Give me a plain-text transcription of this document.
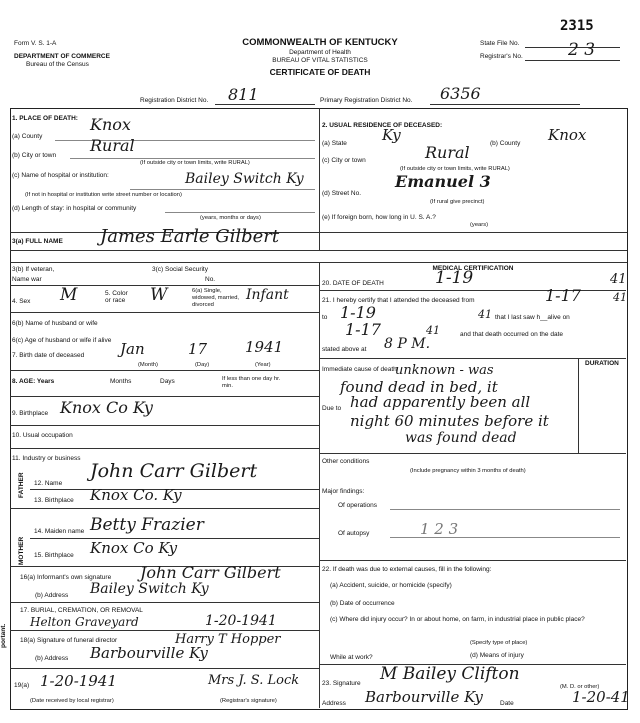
Form V. S. 1-A
DEPARTMENT OF COMMERCE
Bureau of the Census
COMMONWEALTH OF KENTUCKY
Department of Health
BUREAU OF VITAL STATISTICS
CERTIFICATE OF DEATH
2315
State File No.
Registrar's No.	2 3
Registration District No. 811	Primary Registration District No. 6356
1. PLACE OF DEATH:
(a) County
Knox
(b) City or town
Rural
(If outside city or town limits, write RURAL)
(c) Name of hospital or institution:	Bailey Switch Ky
(If not in hospital or institution write street number or location)
(d) Length of stay: in hospital or community
(years, months or days)
2. USUAL RESIDENCE OF DECEASED:
(a) State Ky	(b) County Knox
(c) City or town	Rural
(If outside city or town limits, write RURAL)
(d) Street No.
Emanuel 3
(If rural give precinct)
(e) If foreign born, how long in U. S. A.?
(years)
3(a) FULL NAME James Earle Gilbert
3(b) If veteran,
Name war
3(c) Social Security
No.
4. Sex M	5. Color or race	W	6(a) Single, widowed, married, divorced
Infant
6(b) Name of husband or wife
6(c) Age of husband or wife if alive
7. Birth date of deceased Jan	17	1941
(Month)	(Day)	(Year)
8. AGE: Years	Months	Days	If less than one day hr. min.
9. Birthplace Knox Co Ky
10. Usual occupation
11. Industry or business
FATHER 12. Name
John Carr Gilbert
13. Birthplace Knox Co. Ky
MOTHER
14. Maiden name Betty Frazier
15. Birthplace Knox Co Ky
16(a) Informant's own signature John Carr Gilbert
(b) Address Bailey Switch Ky
17. BURIAL, CREMATION, OR REMOVAL
Helton Graveyard	1-20-1941
18(a) Signature of funeral director	Harry T Hopper
(b) Address Barbourville Ky
19(a) 1-20-1941	Mrs J. S. Lock
(Date received by local registrar)	(Registrar's signature)
portant.
MEDICAL CERTIFICATION
20. DATE OF DEATH	1-19	41
21. I hereby certify that I attended the deceased from	1-17	41
to 1-19	41 that I last saw h__alive on
1-17	41	and that death occurred on the date
stated above at 8 P M.
Immediate cause of death
DURATION
unknown - was
found dead in bed, it
Due to had apparently been all
night 60 minutes before it
was found dead
Other conditions
(Include pregnancy within 3 months of death)
Major findings:
Of operations
Of autopsy	1 2 3
22. If death was due to external causes, fill in the following:
(a) Accident, suicide, or homicide (specify)
(b) Date of occurrence
(c) Where did injury occur? In or about home, on farm, in industrial place in public place?
(Specify type of place)
While at work?	(d) Means of injury
23. Signature M Bailey Clifton
(M. D. or other)
Address Barbourville Ky	Date	1-20-41
